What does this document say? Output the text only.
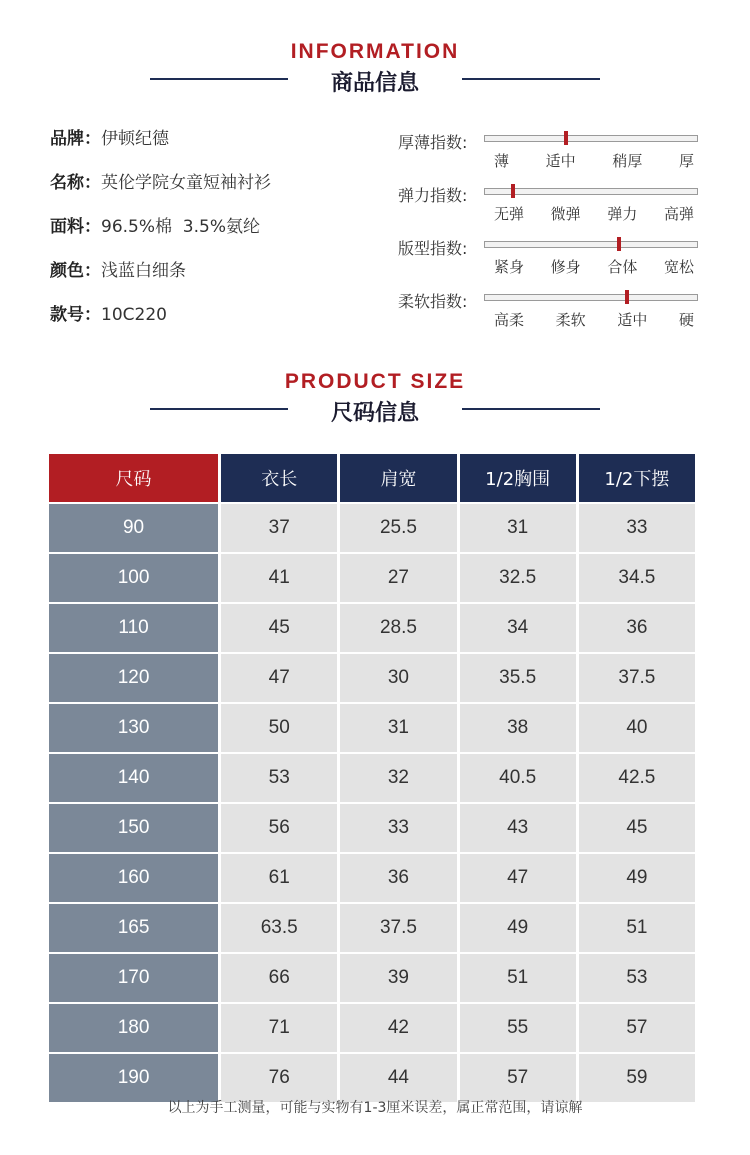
INFORMATION
商品信息
品牌：伊顿纪德
名称：英伦学院女童短袖衬衫
面料：96.5%棉  3.5%氨纶
颜色：浅蓝白细条
款号：10C220
厚薄指数:
薄 适中 稍厚 厚
弹力指数:
无弹 微弹 弹力 高弹
版型指数:
紧身 修身 合体 宽松
柔软指数:
高柔 柔软 适中 硬
PRODUCT SIZE
尺码信息
尺码	衣长	肩宽	1/2胸围	1/2下摆
90	37	25.5	31	33
100	41	27	32.5	34.5
110	45	28.5	34	36
120	47	30	35.5	37.5
130	50	31	38	40
140	53	32	40.5	42.5
150	56	33	43	45
160	61	36	47	49
165	63.5	37.5	49	51
170	66	39	51	53
180	71	42	55	57
190	76	44	57	59
以上为手工测量，可能与实物有1-3厘米误差，属正常范围，请谅解
